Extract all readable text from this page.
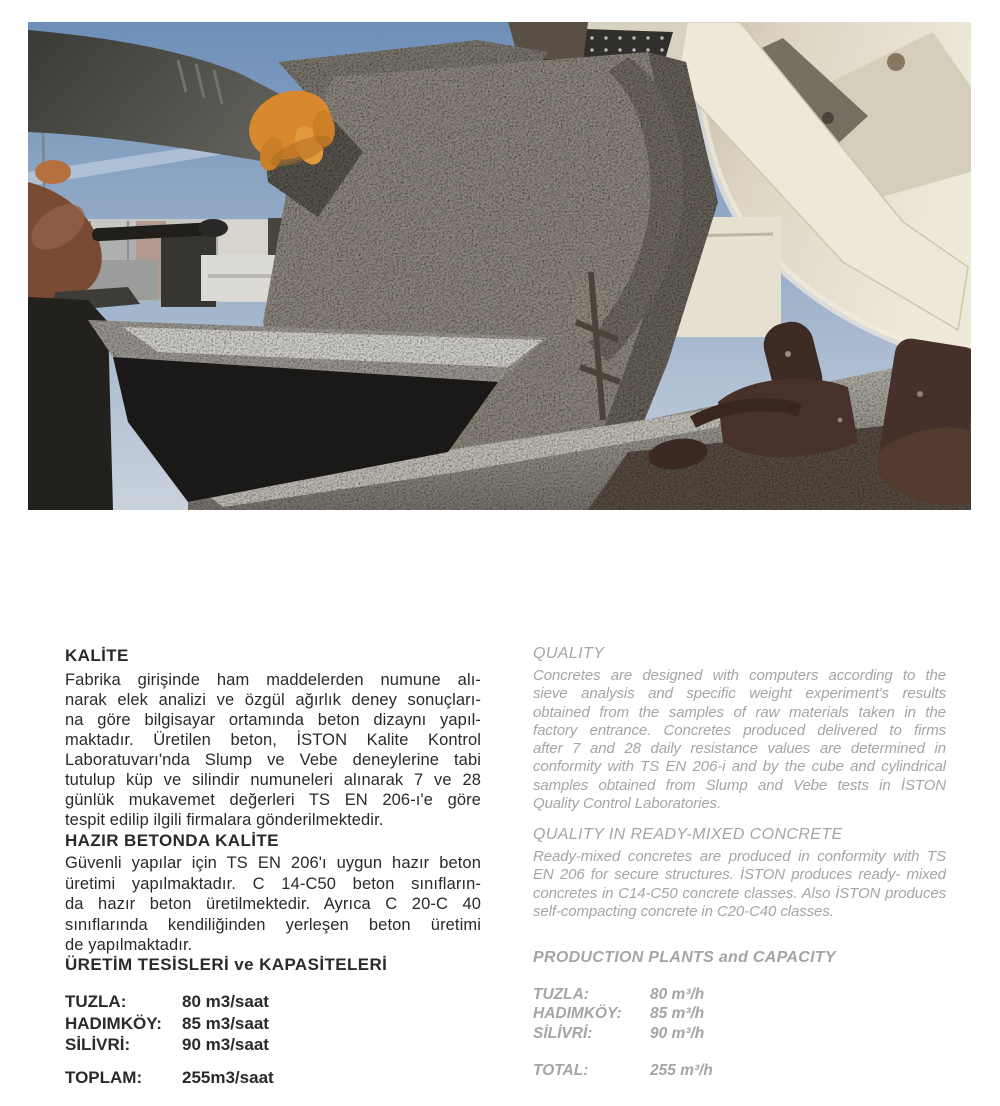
KALİTE
Fabrika girişinde ham maddelerden numune alı-
narak elek analizi ve özgül ağırlık deney sonuçları-
na göre bilgisayar ortamında beton dizaynı yapıl-
maktadır. Üretilen beton, İSTON Kalite Kontrol
Laboratuvarı'nda Slump ve Vebe deneylerine tabi
tutulup küp ve silindir numuneleri alınarak 7 ve 28
günlük mukavemet değerleri TS EN 206-ı'e göre
tespit edilip ilgili firmalara gönderilmektedir.
HAZIR BETONDA KALİTE
Güvenli yapılar için TS EN 206'ı uygun hazır beton
üretimi yapılmaktadır. C 14-C50 beton sınıfların-
da hazır beton üretilmektedir. Ayrıca C 20-C 40
sınıflarında kendiliğinden yerleşen beton üretimi
de yapılmaktadır.
ÜRETİM TESİSLERİ ve KAPASİTELERİ
TUZLA:	80 m3/saat
HADIMKÖY:	85 m3/saat
SİLİVRİ:	90 m3/saat
TOPLAM:	255m3/saat
QUALITY
Concretes are designed with computers according to the
sieve analysis and specific weight experiment's results
obtained from the samples of raw materials taken in the
factory entrance. Concretes produced delivered to firms
after 7 and 28 daily resistance values are determined in
conformity with TS EN 206-i and by the cube and cylindrical
samples obtained from Slump and Vebe tests in İSTON
Quality Control Laboratories.
QUALITY IN READY-MIXED CONCRETE
Ready-mixed concretes are produced in conformity with TS
EN 206 for secure structures. İSTON produces ready- mixed
concretes in C14-C50 concrete classes. Also İSTON produces
self-compacting concrete in C20-C40 classes.
PRODUCTION PLANTS and CAPACITY
TUZLA:	80 m³/h
HADIMKÖY:	85 m³/h
SİLİVRİ:	90 m³/h
TOTAL:	255 m³/h
